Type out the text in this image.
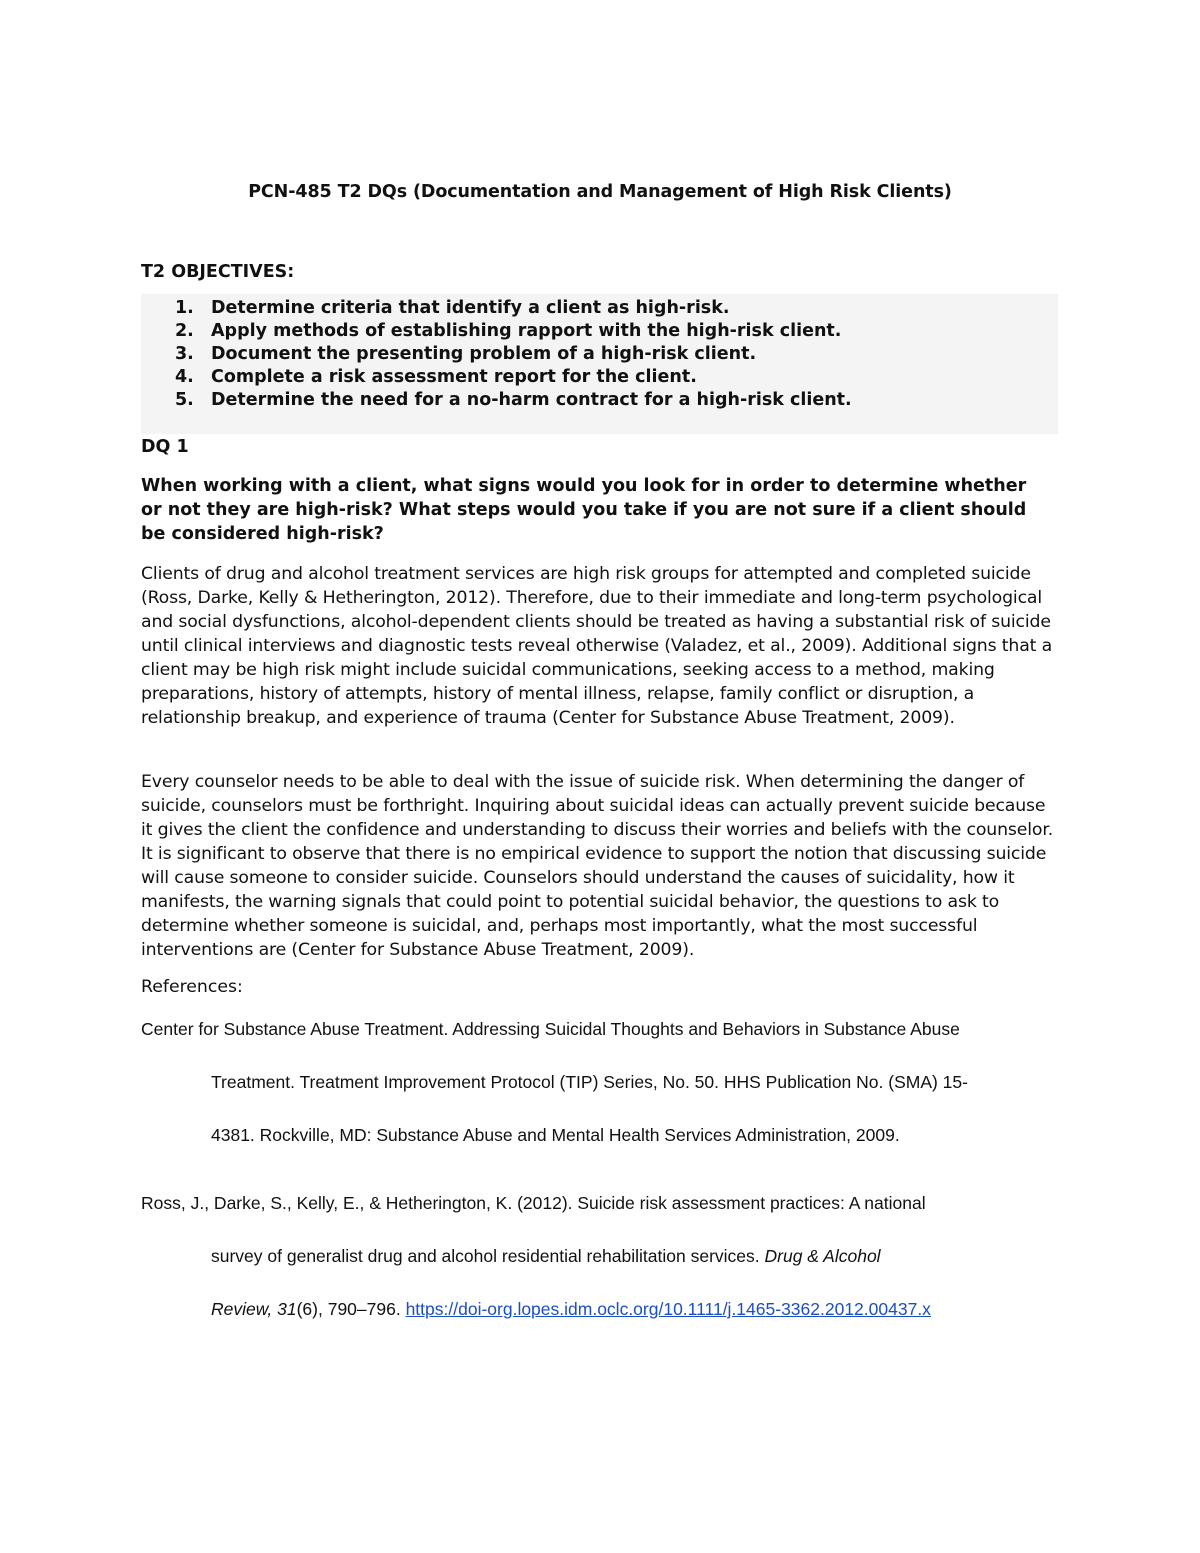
PCN-485 T2 DQs (Documentation and Management of High Risk Clients)
T2 OBJECTIVES:
1. Determine criteria that identify a client as high-risk.
2. Apply methods of establishing rapport with the high-risk client.
3. Document the presenting problem of a high-risk client.
4. Complete a risk assessment report for the client.
5. Determine the need for a no-harm contract for a high-risk client.
DQ 1

When working with a client, what signs would you look for in order to determine whether or not they are high-risk? What steps would you take if you are not sure if a client should be considered high-risk?

Clients of drug and alcohol treatment services are high risk groups for attempted and completed suicide (Ross, Darke, Kelly & Hetherington, 2012). Therefore, due to their immediate and long-term psychological and social dysfunctions, alcohol-dependent clients should be treated as having a substantial risk of suicide until clinical interviews and diagnostic tests reveal otherwise (Valadez, et al., 2009). Additional signs that a client may be high risk might include suicidal communications, seeking access to a method, making preparations, history of attempts, history of mental illness, relapse, family conflict or disruption, a relationship breakup, and experience of trauma (Center for Substance Abuse Treatment, 2009).

Every counselor needs to be able to deal with the issue of suicide risk. When determining the danger of suicide, counselors must be forthright. Inquiring about suicidal ideas can actually prevent suicide because it gives the client the confidence and understanding to discuss their worries and beliefs with the counselor. It is significant to observe that there is no empirical evidence to support the notion that discussing suicide will cause someone to consider suicide. Counselors should understand the causes of suicidality, how it manifests, the warning signals that could point to potential suicidal behavior, the questions to ask to determine whether someone is suicidal, and, perhaps most importantly, what the most successful interventions are (Center for Substance Abuse Treatment, 2009).

References:

Center for Substance Abuse Treatment. Addressing Suicidal Thoughts and Behaviors in Substance Abuse
Treatment. Treatment Improvement Protocol (TIP) Series, No. 50. HHS Publication No. (SMA) 15-
4381. Rockville, MD: Substance Abuse and Mental Health Services Administration, 2009.

Ross, J., Darke, S., Kelly, E., & Hetherington, K. (2012). Suicide risk assessment practices: A national
survey of generalist drug and alcohol residential rehabilitation services. Drug & Alcohol
Review, 31(6), 790–796. https://doi-org.lopes.idm.oclc.org/10.1111/j.1465-3362.2012.00437.x
